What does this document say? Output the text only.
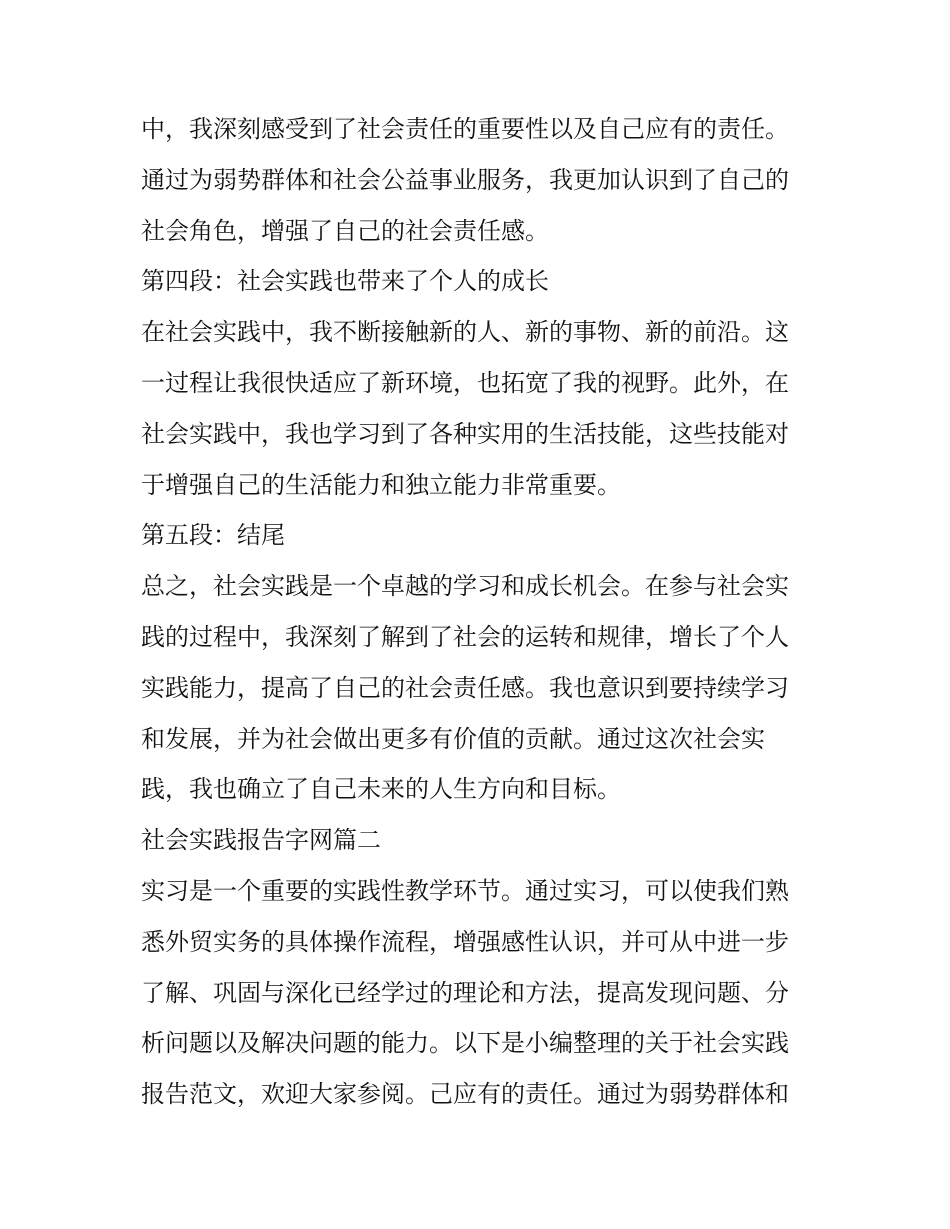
中，我深刻感受到了社会责任的重要性以及自己应有的责任。

通过为弱势群体和社会公益事业服务，我更加认识到了自己的

社会角色，增强了自己的社会责任感。

第四段：社会实践也带来了个人的成长

在社会实践中，我不断接触新的人、新的事物、新的前沿。这

一过程让我很快适应了新环境，也拓宽了我的视野。此外，在

社会实践中，我也学习到了各种实用的生活技能，这些技能对

于增强自己的生活能力和独立能力非常重要。

第五段：结尾

总之，社会实践是一个卓越的学习和成长机会。在参与社会实

践的过程中，我深刻了解到了社会的运转和规律，增长了个人

实践能力，提高了自己的社会责任感。我也意识到要持续学习

和发展，并为社会做出更多有价值的贡献。通过这次社会实

践，我也确立了自己未来的人生方向和目标。

社会实践报告字网篇二

实习是一个重要的实践性教学环节。通过实习，可以使我们熟

悉外贸实务的具体操作流程，增强感性认识，并可从中进一步

了解、巩固与深化已经学过的理论和方法，提高发现问题、分

析问题以及解决问题的能力。以下是小编整理的关于社会实践

报告范文，欢迎大家参阅。己应有的责任。通过为弱势群体和
